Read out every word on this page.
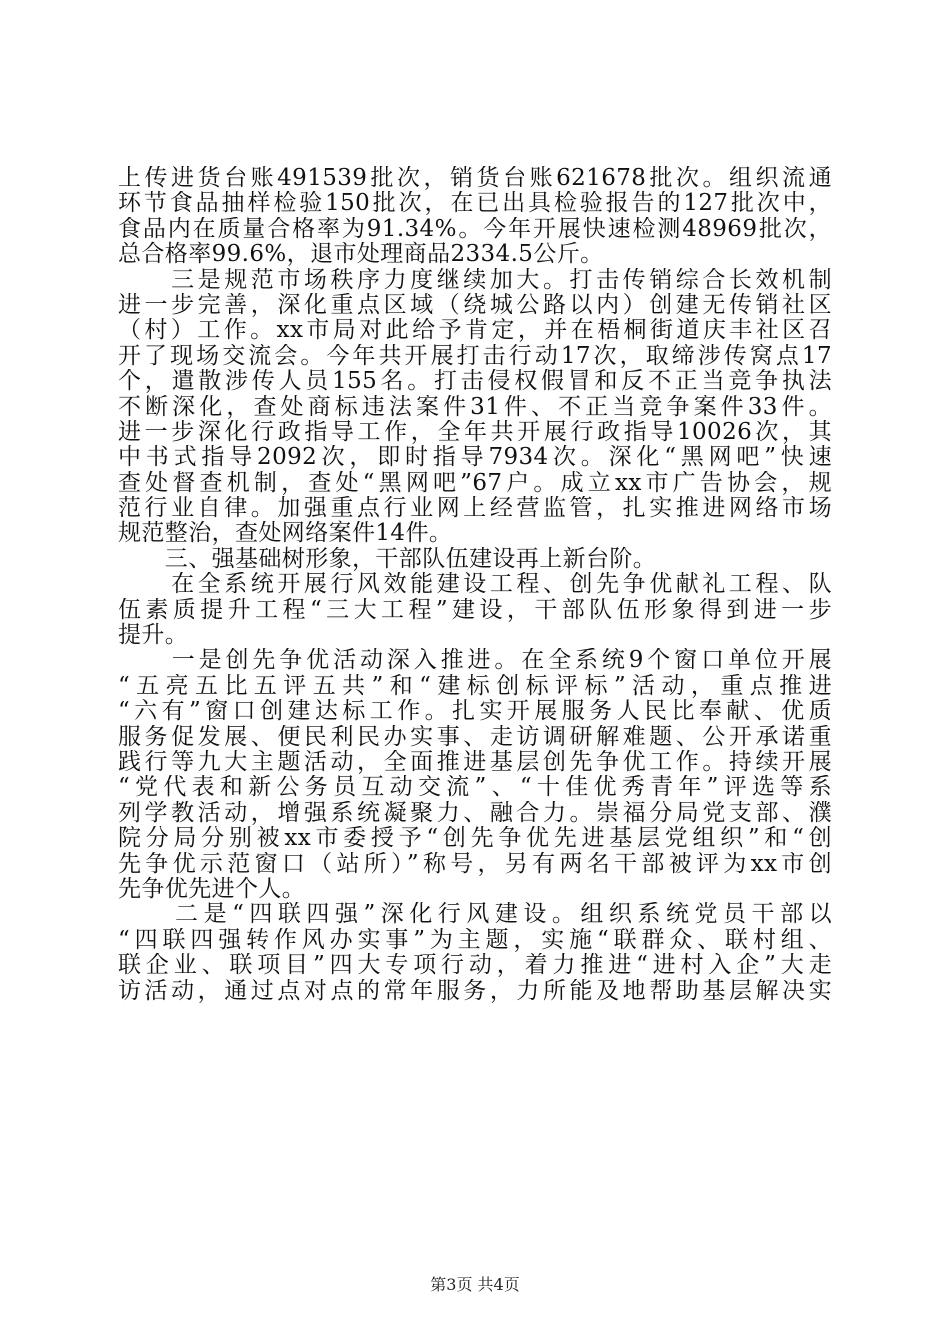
上传进货台账491539批次，销货台账621678批次。组织流通
环节食品抽样检验150批次，在已出具检验报告的127批次中，
食品内在质量合格率为91.34%。今年开展快速检测48969批次，
总合格率99.6%，退市处理商品2334.5公斤。
　　三是规范市场秩序力度继续加大。打击传销综合长效机制
进一步完善，深化重点区域（绕城公路以内）创建无传销社区
（村）工作。xx市局对此给予肯定，并在梧桐街道庆丰社区召
开了现场交流会。今年共开展打击行动17次，取缔涉传窝点17
个，遣散涉传人员155名。打击侵权假冒和反不正当竞争执法
不断深化，查处商标违法案件31件、不正当竞争案件33件。
进一步深化行政指导工作，全年共开展行政指导10026次，其
中书式指导2092次，即时指导7934次。深化“黑网吧”快速
查处督查机制，查处“黑网吧”67户。成立xx市广告协会，规
范行业自律。加强重点行业网上经营监管，扎实推进网络市场
规范整治，查处网络案件14件。
　　三、强基础树形象，干部队伍建设再上新台阶。
　　在全系统开展行风效能建设工程、创先争优献礼工程、队
伍素质提升工程“三大工程”建设，干部队伍形象得到进一步
提升。
　　一是创先争优活动深入推进。在全系统9个窗口单位开展
“五亮五比五评五共”和“建标创标评标”活动，重点推进
“六有”窗口创建达标工作。扎实开展服务人民比奉献、优质
服务促发展、便民利民办实事、走访调研解难题、公开承诺重
践行等九大主题活动，全面推进基层创先争优工作。持续开展
“党代表和新公务员互动交流”、“十佳优秀青年”评选等系
列学教活动，增强系统凝聚力、融合力。崇福分局党支部、濮
院分局分别被xx市委授予“创先争优先进基层党组织”和“创
先争优示范窗口（站所）”称号，另有两名干部被评为xx市创
先争优先进个人。
　　二是“四联四强”深化行风建设。组织系统党员干部以
“四联四强转作风办实事”为主题，实施“联群众、联村组、
联企业、联项目”四大专项行动，着力推进“进村入企”大走
访活动，通过点对点的常年服务，力所能及地帮助基层解决实
第3页 共4页
